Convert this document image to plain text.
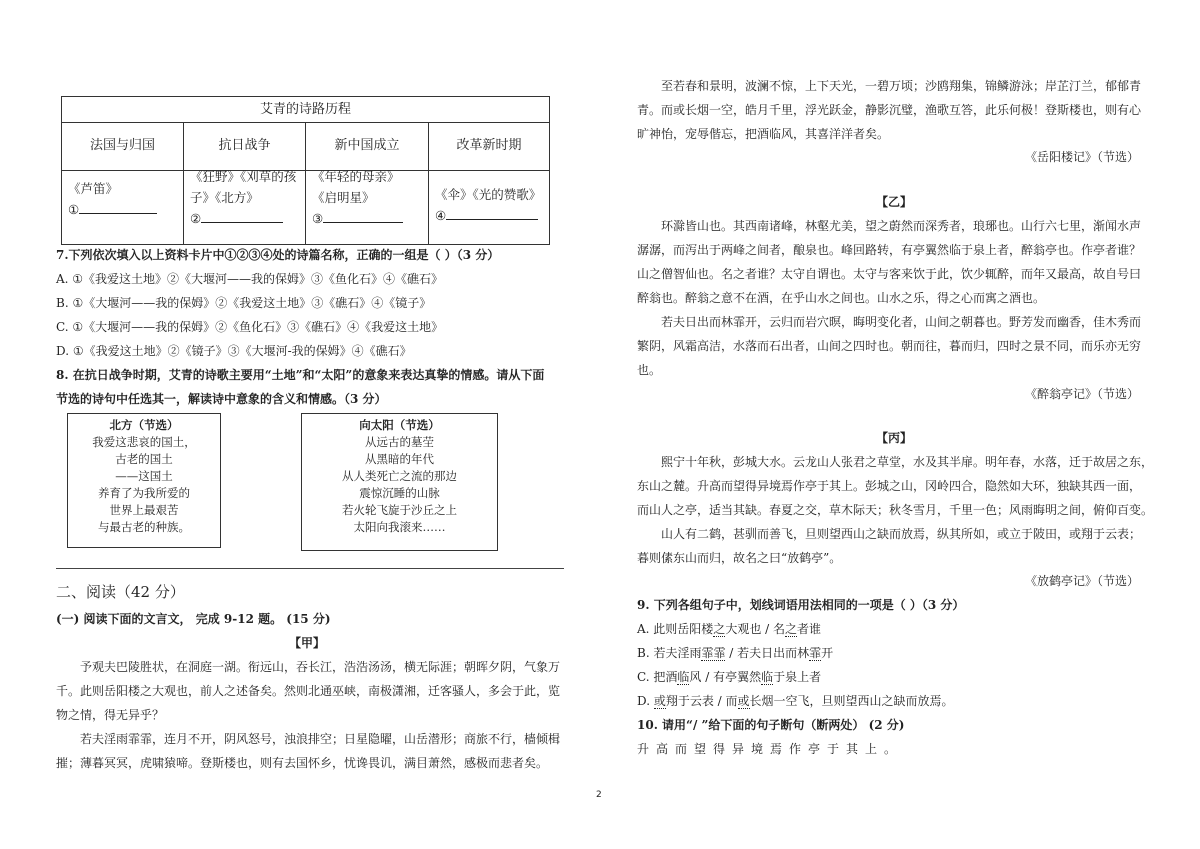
艾青的诗路历程
法国与归国
《芦笛》
①
抗日战争
《狂野》《刈草的孩
子》《北方》
②
新中国成立
《年轻的母亲》
《启明星》
③
改革新时期
《伞》《光的赞歌》
④
7.下列依次填入以上资料卡片中①②③④处的诗篇名称，正确的一组是（ ）（3 分）
A. ①《我爱这土地》②《大堰河——我的保姆》③《鱼化石》④《礁石》
B. ①《大堰河——我的保姆》②《我爱这土地》③《礁石》④《镜子》
C. ①《大堰河——我的保姆》②《鱼化石》③《礁石》④《我爱这土地》
D. ①《我爱这土地》②《镜子》③《大堰河-我的保姆》④《礁石》
8. 在抗日战争时期，艾青的诗歌主要用“土地”和“太阳”的意象来表达真挚的情感。请从下面
节选的诗句中任选其一，解读诗中意象的含义和情感。（3 分）
北方（节选）
我爱这悲哀的国土，
古老的国土
——这国土
养育了为我所爱的
世界上最艰苦
与最古老的种族。
向太阳（节选）
从远古的墓茔
从黑暗的年代
从人类死亡之流的那边
震惊沉睡的山脉
若火轮飞旋于沙丘之上
太阳向我滚来……
二、阅读（42 分）
(一) 阅读下面的文言文， 完成 9-12 题。 (15 分)
【甲】
予观夫巴陵胜状，在洞庭一湖。衔远山，吞长江，浩浩汤汤，横无际涯；朝晖夕阴，气象万
千。此则岳阳楼之大观也，前人之述备矣。然则北通巫峡，南极潇湘，迁客骚人，多会于此，览
物之情，得无异乎？
若夫淫雨霏霏，连月不开，阴风怒号，浊浪排空；日星隐曜，山岳潜形；商旅不行，樯倾楫
摧；薄暮冥冥，虎啸猿啼。登斯楼也，则有去国怀乡，忧谗畏讥，满目萧然，感极而悲者矣。
至若春和景明，波澜不惊，上下天光，一碧万顷；沙鸥翔集，锦鳞游泳；岸芷汀兰，郁郁青
青。而或长烟一空，皓月千里，浮光跃金，静影沉璧，渔歌互答，此乐何极！登斯楼也，则有心
旷神怡，宠辱偕忘，把酒临风，其喜洋洋者矣。
《岳阳楼记》（节选）
【乙】
环滁皆山也。其西南诸峰，林壑尤美，望之蔚然而深秀者，琅琊也。山行六七里，渐闻水声
潺潺，而泻出于两峰之间者，酿泉也。峰回路转，有亭翼然临于泉上者，醉翁亭也。作亭者谁？
山之僧智仙也。名之者谁？太守自谓也。太守与客来饮于此，饮少辄醉，而年又最高，故自号曰
醉翁也。醉翁之意不在酒，在乎山水之间也。山水之乐，得之心而寓之酒也。
若夫日出而林霏开，云归而岩穴暝，晦明变化者，山间之朝暮也。野芳发而幽香，佳木秀而
繁阴，风霜高洁，水落而石出者，山间之四时也。朝而往，暮而归，四时之景不同，而乐亦无穷
也。
《醉翁亭记》（节选）
【丙】
熙宁十年秋，彭城大水。云龙山人张君之草堂，水及其半扉。明年春，水落，迁于故居之东，
东山之麓。升高而望得异境焉作亭于其上。彭城之山，冈岭四合，隐然如大环，独缺其西一面，
而山人之亭，适当其缺。春夏之交，草木际天；秋冬雪月，千里一色；风雨晦明之间，俯仰百变。
山人有二鹤，甚驯而善飞，旦则望西山之缺而放焉，纵其所如，或立于陂田，或翔于云表；
暮则傃东山而归，故名之曰“放鹤亭”。
《放鹤亭记》（节选）
9. 下列各组句子中，划线词语用法相同的一项是（ ）（3 分）
A. 此则岳阳楼之大观也 / 名之者谁
B. 若夫淫雨霏霏 / 若夫日出而林霏开
C. 把酒临风 / 有亭翼然临于泉上者
D. 或翔于云表 / 而或长烟一空飞，旦则望西山之缺而放焉。
10. 请用“/ ”给下面的句子断句（断两处） (2 分)
升高而望得异境焉作亭于其上。
2
